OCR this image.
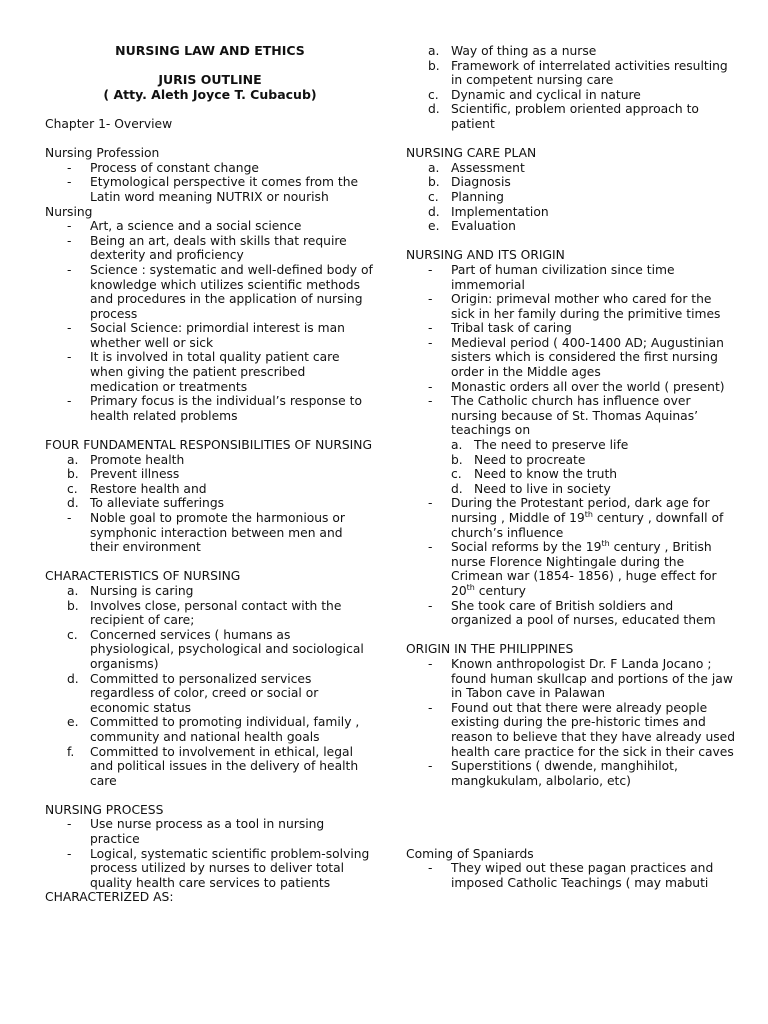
NURSING LAW AND ETHICS
JURIS OUTLINE
( Atty. Aleth Joyce T. Cubacub)
Chapter 1- Overview
Nursing Profession
-	Process of constant change
-	Etymological perspective it comes from the Latin word meaning NUTRIX or nourish
Nursing
-	Art, a science and a social science
-	Being an art, deals with skills that require dexterity and proficiency
-	Science : systematic and well-defined body of knowledge which utilizes scientific methods and procedures in the application of nursing process
-	Social Science: primordial interest is man whether well or sick
-	It is involved in total quality patient care when giving the patient prescribed medication or treatments
-	Primary focus is the individual’s response to health related problems
FOUR FUNDAMENTAL RESPONSIBILITIES OF NURSING
a. Promote health
b. Prevent illness
c.	Restore health and
d. To alleviate sufferings
-	Noble goal to promote the harmonious or symphonic interaction between men and their environment
CHARACTERISTICS OF NURSING
a. Nursing is caring
b. Involves close, personal contact with the recipient of care;
c.	Concerned services ( humans as physiological, psychological and sociological organisms)
d. Committed to personalized services regardless of color, creed or social or economic status
e. Committed to promoting individual, family , community and national health goals
f.	Committed to involvement in ethical, legal and political issues in the delivery of health care
NURSING PROCESS
-	Use nurse process as a tool in nursing practice
-	Logical, systematic scientific problem-solving process utilized by nurses to deliver total quality health care services to patients
CHARACTERIZED AS:
a. Way of thing as a nurse
b. Framework of interrelated activities resulting in competent nursing care
c.	Dynamic and cyclical in nature
d. Scientific, problem oriented approach to patient
NURSING CARE PLAN
a. Assessment
b. Diagnosis
c.	Planning
d. Implementation
e. Evaluation
NURSING AND ITS ORIGIN
-	Part of human civilization since time immemorial
-	Origin: primeval mother who cared for the sick in her family during the primitive times
-	Tribal task of caring
-	Medieval period ( 400-1400 AD; Augustinian sisters which is considered the first nursing order in the Middle ages
-	Monastic orders all over the world ( present)
-	The Catholic church has influence over nursing because of St. Thomas Aquinas’ teachings on
a. The need to preserve life
b. Need to procreate
c.	Need to know the truth
d. Need to live in society
-	During the Protestant period, dark age for nursing , Middle of 19th century , downfall of church’s influence
-	Social reforms by the 19th century , British nurse Florence Nightingale during the Crimean war (1854- 1856) , huge effect for 20th century
-	She took care of British soldiers and organized a pool of nurses, educated them
ORIGIN IN THE PHILIPPINES
-	Known anthropologist Dr. F Landa Jocano ; found human skullcap and portions of the jaw in Tabon cave in Palawan
-	Found out that there were already people existing during the pre-historic times and reason to believe that they have already used health care practice for the sick in their caves
-	Superstitions ( dwende, manghihilot, mangkukulam, albolario, etc)
Coming of Spaniards
-	They wiped out these pagan practices and imposed Catholic Teachings ( may mabuti
